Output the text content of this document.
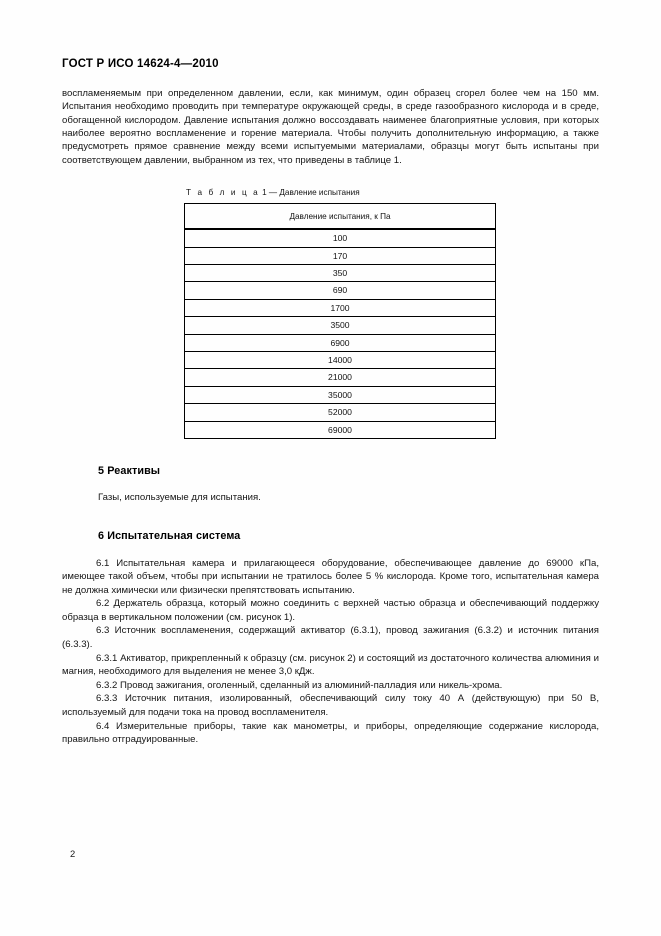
ГОСТ Р ИСО 14624-4—2010

воспламеняемым при определенном давлении, если, как минимум, один образец сгорел более чем на 150 мм. Испытания необходимо проводить при температуре окружающей среды, в среде газообразного кислорода и в среде, обогащенной кислородом. Давление испытания должно воссоздавать наименее благоприятные условия, при которых наиболее вероятно воспламенение и горение материала. Чтобы получить дополнительную информацию, а также предусмотреть прямое сравнение между всеми испытуемыми материалами, образцы могут быть испытаны при соответствующем давлении, выбранном из тех, что приведены в таблице 1.

Т а б л и ц а 1 — Давление испытания
Давление испытания, к Па
100
170
350
690
1700
3500
6900
14000
21000
35000
52000
69000
5 Реактивы
Газы, используемые для испытания.
6 Испытательная система

6.1 Испытательная камера и прилагающееся оборудование, обеспечивающее давление до 69000 кПа, имеющее такой объем, чтобы при испытании не тратилось более 5 % кислорода. Кроме того, испытательная камера не должна химически или физически препятствовать испытанию.

6.2 Держатель образца, который можно соединить с верхней частью образца и обеспечивающий поддержку образца в вертикальном положении (см. рисунок 1).

6.3 Источник воспламенения, содержащий активатор (6.3.1), провод зажигания (6.3.2) и источник питания (6.3.3).

6.3.1 Активатор, прикрепленный к образцу (см. рисунок 2) и состоящий из достаточного количества алюминия и магния, необходимого для выделения не менее 3,0 кДж.

6.3.2 Провод зажигания, оголенный, сделанный из алюминий-палладия или никель-хрома.

6.3.3 Источник питания, изолированный, обеспечивающий силу току 40 А (действующую) при 50 В, используемый для подачи тока на провод воспламенителя.

6.4 Измерительные приборы, такие как манометры, и приборы, определяющие содержание кислорода, правильно отградуированные.

2
